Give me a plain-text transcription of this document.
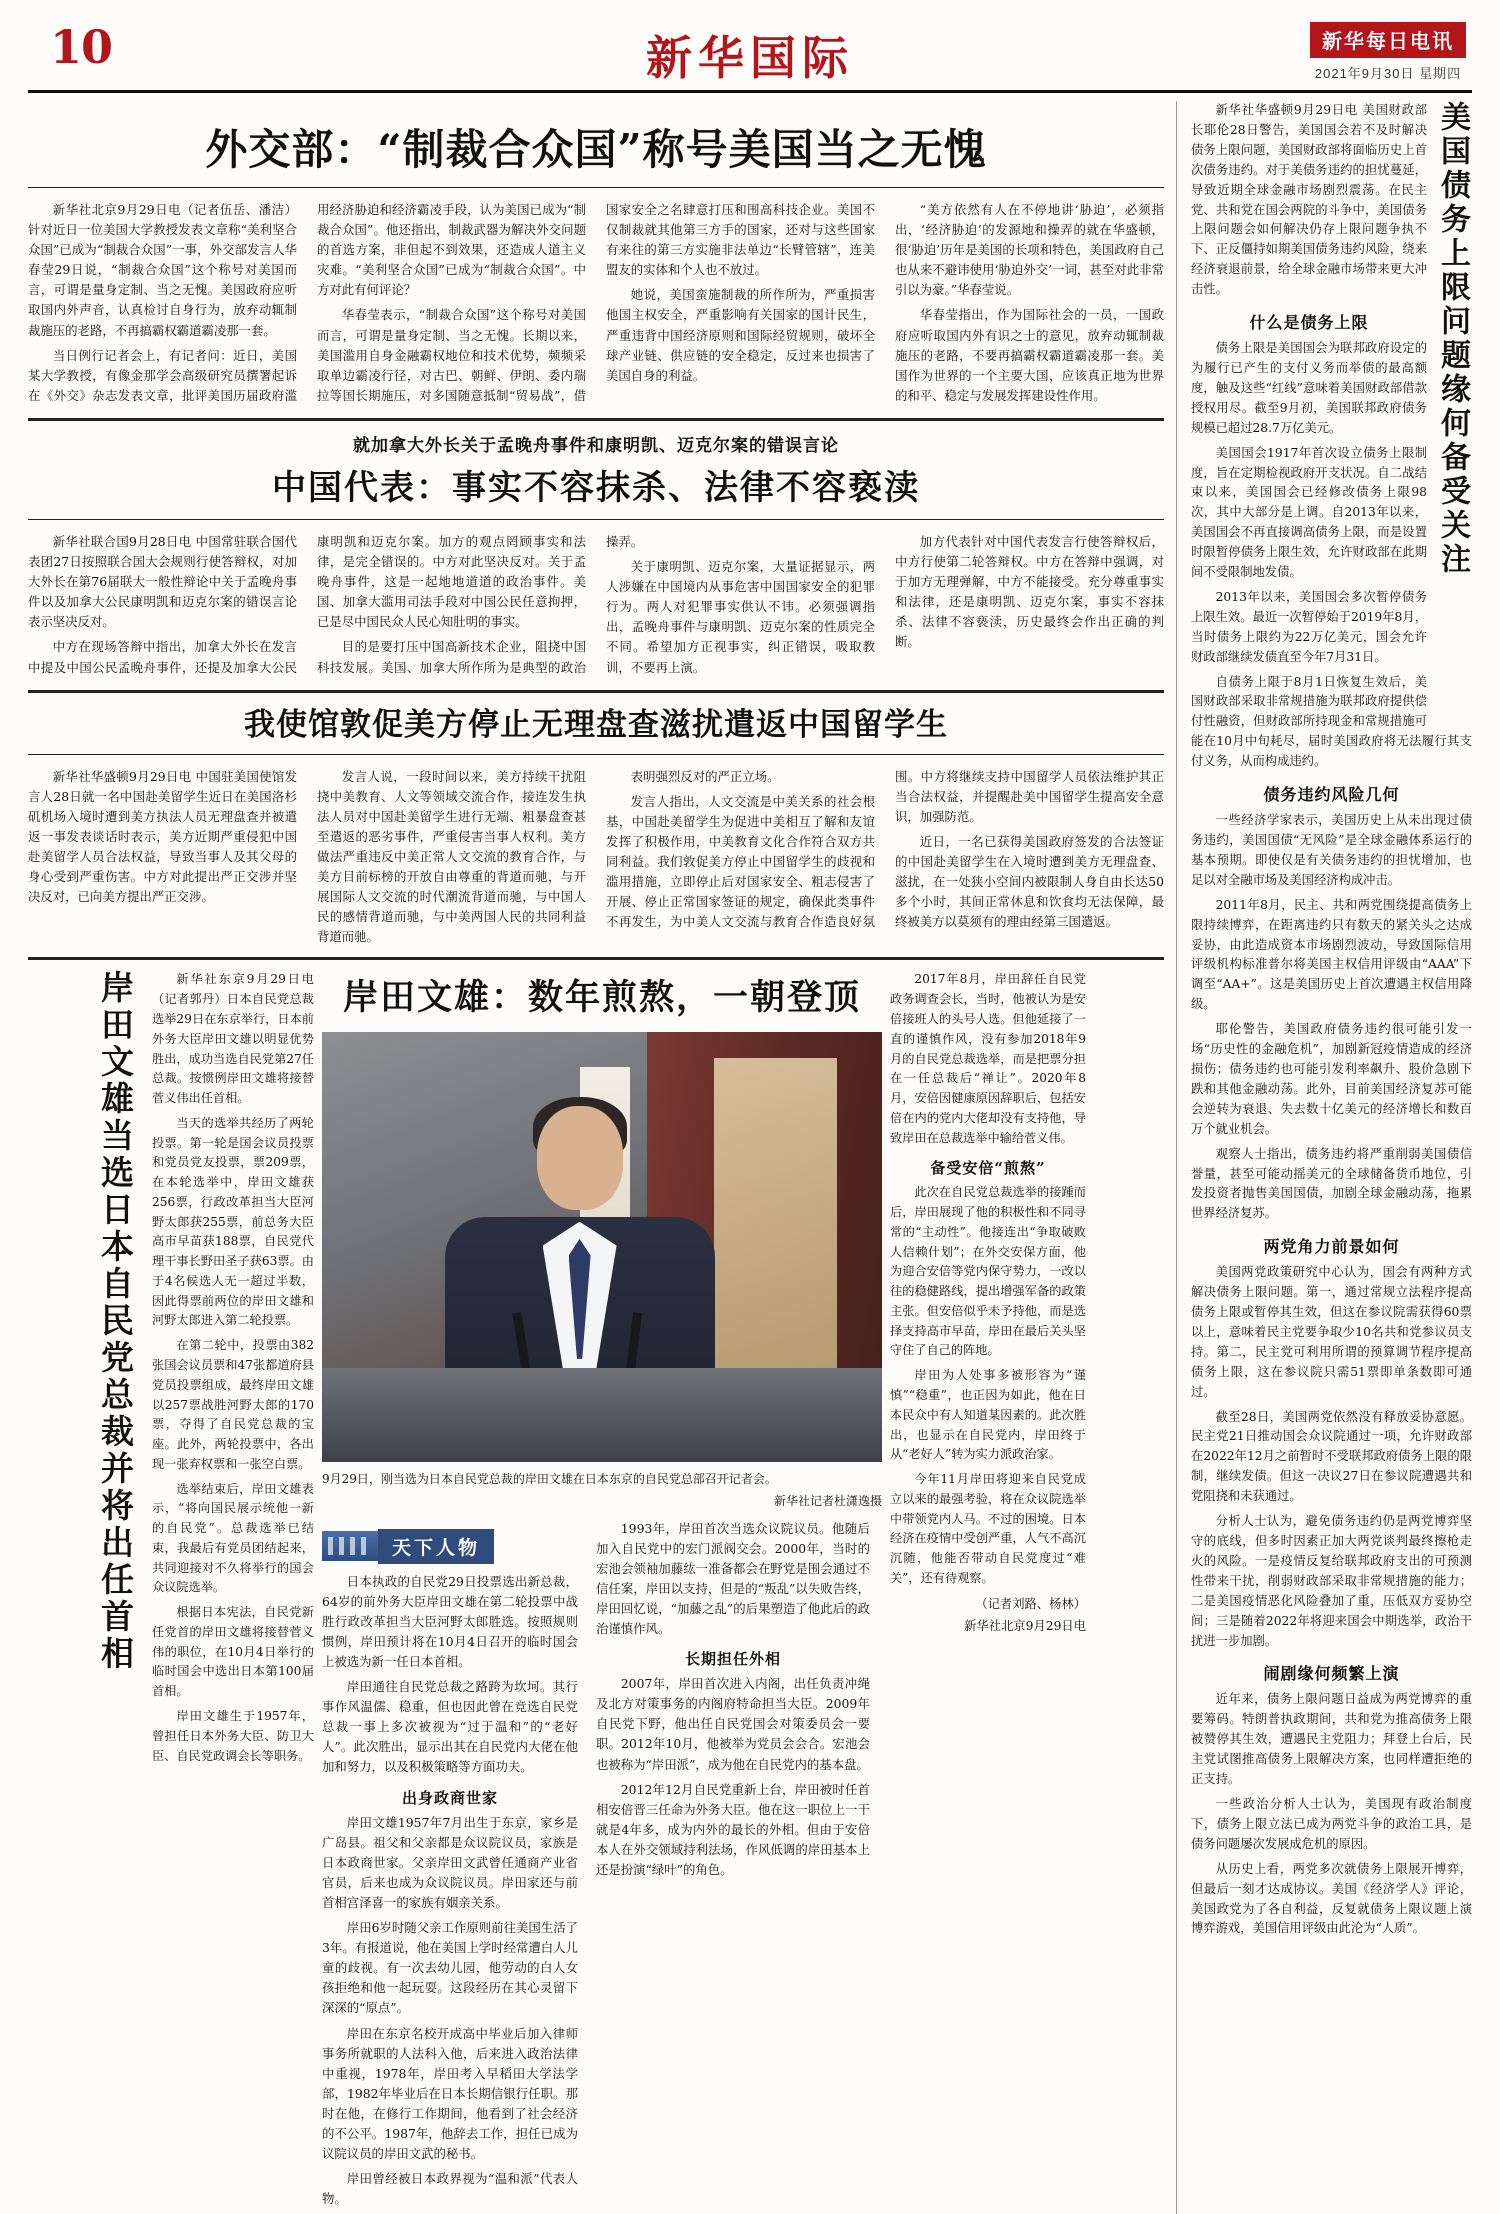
10	新华国际	新华每日电讯
2021年9月30日 星期四
外交部：“制裁合众国”称号美国当之无愧

新华社北京9月29日电（记者伍岳、潘洁）针对近日一位美国大学教授发表文章称“美利坚合众国”已成为“制裁合众国”一事，外交部发言人华春莹29日说，“制裁合众国”这个称号对美国而言，可谓是量身定制、当之无愧。美国政府应听取国内外声音，认真检讨自身行为，放弃动辄制裁施压的老路，不再搞霸权霸道霸凌那一套。

当日例行记者会上，有记者问：近日，美国某大学教授，有像金那学会高级研究员撰署起诉在《外交》杂志发表文章，批评美国历届政府滥用经济胁迫和经济霸凌手段，认为美国已成为“制裁合众国”。他还指出，制裁武器为解决外交问题的首选方案，非但起不到效果，还造成人道主义灾难。“美利坚合众国”已成为“制裁合众国”。中方对此有何评论？

华春莹表示，“制裁合众国”这个称号对美国而言，可谓是量身定制、当之无愧。长期以来，美国滥用自身金融霸权地位和技术优势，频频采取单边霸凌行径，对古巴、朝鲜、伊朗、委内瑞拉等国长期施压，对多国随意抵制“贸易战”，借国家安全之名肆意打压和围高科技企业。美国不仅制裁就其他第三方手的国家，还对与这些国家有来往的第三方实施非法单边“长臂管辖”，连美盟友的实体和个人也不放过。

她说，美国蛮施制裁的所作所为，严重损害他国主权安全，严重影响有关国家的国计民生，严重违背中国经济原则和国际经贸规则，破坏全球产业链、供应链的安全稳定，反过来也损害了美国自身的利益。

“美方依然有人在不停地讲‘胁迫’，必须指出，‘经济胁迫’的发源地和操弄的就在华盛顿，很‘胁迫’历年是美国的长项和特色，美国政府自己也从来不避讳使用‘胁迫外交’一词，甚至对此非常引以为豪。”华春莹说。

华春莹指出，作为国际社会的一员，一国政府应听取国内外有识之士的意见，放弃动辄制裁施压的老路，不要再搞霸权霸道霸凌那一套。美国作为世界的一个主要大国，应该真正地为世界的和平、稳定与发展发挥建设性作用。

就加拿大外长关于孟晚舟事件和康明凯、迈克尔案的错误言论
中国代表：事实不容抹杀、法律不容亵渎

新华社联合国9月28日电 中国常驻联合国代表团27日按照联合国大会规则行使答辩权，对加大外长在第76届联大一般性辩论中关于孟晚舟事件以及加拿大公民康明凯和迈克尔案的错误言论表示坚决反对。

中方在现场答辩中指出，加拿大外长在发言中提及中国公民孟晚舟事件，还提及加拿大公民康明凯和迈克尔案。加方的观点罔顾事实和法律，是完全错误的。中方对此坚决反对。关于孟晚舟事件，这是一起地地道道的政治事件。美国、加拿大滥用司法手段对中国公民任意拘押，已是尽中国民众人民心知肚明的事实。

目的是要打压中国高新技术企业，阻挠中国科技发展。美国、加拿大所作所为是典型的政治操弄。

关于康明凯、迈克尔案，大量证据显示，两人涉嫌在中国境内从事危害中国国家安全的犯罪行为。两人对犯罪事实供认不讳。必须强调指出，孟晚舟事件与康明凯、迈克尔案的性质完全不同。希望加方正视事实，纠正错误，吸取教训，不要再上演。

加方代表针对中国代表发言行使答辩权后，中方行使第二轮答辩权。中方在答辩中强调，对于加方无理弹解，中方不能接受。充分尊重事实和法律，还是康明凯、迈克尔案，事实不容抹杀、法律不容亵渎，历史最终会作出正确的判断。

我使馆敦促美方停止无理盘查滋扰遣返中国留学生

新华社华盛顿9月29日电 中国驻美国使馆发言人28日就一名中国赴美留学生近日在美国洛杉矶机场入境时遭到美方执法人员无理盘查并被遣返一事发表谈话时表示，美方近期严重侵犯中国赴美留学人员合法权益，导致当事人及其父母的身心受到严重伤害。中方对此提出严正交涉并坚决反对，已向美方提出严正交涉。

发言人说，一段时间以来，美方持续干扰阻挠中美教育、人文等领域交流合作，接连发生执法人员对中国赴美留学生进行无端、粗暴盘查甚至遣返的恶劣事件，严重侵害当事人权利。美方做法严重违反中美正常人文交流的教育合作，与美方目前标榜的开放自由尊重的背道而驰，与开展国际人文交流的时代潮流背道而驰，与中国人民的感情背道而驰，与中美两国人民的共同利益背道而驰。

表明强烈反对的严正立场。

发言人指出，人文交流是中美关系的社会根基，中国赴美留学生为促进中美相互了解和友谊发挥了积极作用，中美教育文化合作符合双方共同利益。我们敦促美方停止中国留学生的歧视和滥用措施，立即停止后对国家安全、粗志侵害了开展、停止正常国家签证的规定，确保此类事件不再发生，为中美人文交流与教育合作造良好氛围。中方将继续支持中国留学人员依法维护其正当合法权益，并提醒赴美中国留学生提高安全意识，加强防范。

近日，一名已获得美国政府签发的合法签证的中国赴美留学生在入境时遭到美方无理盘查、滋扰，在一处狭小空间内被限制人身自由长达50多个小时，其间正常休息和饮食均无法保障，最终被美方以莫须有的理由经第三国遣返。

岸田文雄当选日本自民党总裁并将出任首相	新华社东京9月29日电（记者郭丹）日本自民党总裁选举29日在东京举行，日本前外务大臣岸田文雄以明显优势胜出，成功当选自民党第27任总裁。按惯例岸田文雄将接替菅义伟出任首相。

当天的选举共经历了两轮投票。第一轮是国会议员投票和党员党友投票，票209票，在本轮选举中，岸田文雄获256票，行政改革担当大臣河野太郎获255票，前总务大臣高市早苗获188票，自民党代理干事长野田圣子获63票。由于4名候选人无一超过半数，因此得票前两位的岸田文雄和河野太郎进入第二轮投票。

在第二轮中，投票由382张国会议员票和47张都道府县党员投票组成，最终岸田文雄以257票战胜河野太郎的170票，夺得了自民党总裁的宝座。此外，两轮投票中，各出现一张弃权票和一张空白票。

选举结束后，岸田文雄表示，“将向国民展示统他一新的自民党”。总裁选举已结束，我最后有党员团结起来，共同迎接对不久将举行的国会众议院选举。

根据日本宪法，自民党新任党首的岸田文雄将接替菅义伟的职位，在10月4日举行的临时国会中选出日本第100届首相。

岸田文雄生于1957年，曾担任日本外务大臣、防卫大臣、自民党政调会长等职务。

岸田文雄：数年煎熬，一朝登顶
9月29日，刚当选为日本自民党总裁的岸田文雄在日本东京的自民党总部召开记者会。
新华社记者杜潇逸摄
天下人物

日本执政的自民党29日投票选出新总裁，64岁的前外务大臣岸田文雄在第二轮投票中战胜行政改革担当大臣河野太郎胜选。按照规则惯例，岸田预计将在10月4日召开的临时国会上被选为新一任日本首相。

岸田通往自民党总裁之路跨为坎坷。其行事作风温儒、稳重，但也因此曾在竞选自民党总裁一事上多次被视为“过于温和”的“老好人”。此次胜出，显示出其在自民党内大佬在他加和努力，以及积极策略等方面功夫。

出身政商世家

岸田文雄1957年7月出生于东京，家乡是广岛县。祖父和父亲都是众议院议员，家族是日本政商世家。父亲岸田文武曾任通商产业省官员，后来也成为众议院议员。岸田家还与前首相宫泽喜一的家族有姻亲关系。

岸田6岁时随父亲工作原则前往美国生活了3年。有报道说，他在美国上学时经常遭白人儿童的歧视。有一次去幼儿园，他劳动的白人女孩拒绝和他一起玩耍。这段经历在其心灵留下深深的“原点”。

岸田在东京名校开成高中毕业后加入律师事务所就职的人法科入他，后来进入政治法律中重视，1978年，岸田考入早稻田大学法学部，1982年毕业后在日本长期信银行任职。那时在他，在修行工作期间，他看到了社会经济的不公平。1987年，他辞去工作，担任已成为议院议员的岸田文武的秘书。

岸田曾经被日本政界视为“温和派”代表人物。

1993年，岸田首次当选众议院议员。他随后加入自民党中的宏门派阀交会。2000年，当时的宏池会领袖加藤纮一准备都会在野党是围会通过不信任案，岸田以支持，但是的“叛乱”以失败告终，岸田回忆说，“加藤之乱”的后果塑造了他此后的政治谨慎作风。

长期担任外相

2007年，岸田首次进入内阁，出任负责冲绳及北方对策事务的内阁府特命担当大臣。2009年自民党下野，他出任自民党国会对策委员会一要职。2012年10月，他被举为党员会会合。宏池会也被称为“岸田派”，成为他在自民党内的基本盘。

2012年12月自民党重新上台，岸田被时任首相安倍晋三任命为外务大臣。他在这一职位上一干就是4年多，成为内外的最长的外相。但由于安倍本人在外交领域持利法场，作风低调的岸田基本上还是扮演“绿叶”的角色。

2017年8月，岸田辞任自民党政务调查会长，当时，他被认为是安倍接班人的头号人选。但他延接了一直的谨慎作风，没有参加2018年9月的自民党总裁选举，而是把票分担在一任总裁后“禅让”。2020年8月，安倍因健康原因辞职后，包括安倍在内的党内大佬却没有支持他，导致岸田在总裁选举中输给菅义伟。

备受安倍“煎熬”

此次在自民党总裁选举的接踵而后，岸田展现了他的积极性和不同寻常的“主动性”。他接连出“争取破败人信赖什划”；在外交安保方面，他为迎合安倍等党内保守势力，一改以往的稳健路线，提出增强军备的政策主张。但安倍似乎未予持他，而是选择支持高市早苗，岸田在最后关头坚守住了自己的阵地。

岸田为人处事多被形容为“谨慎”“稳重”，也正因为如此，他在日本民众中有人知道某因素的。此次胜出，也显示在自民党内，岸田终于从“老好人”转为实力派政治家。

今年11月岸田将迎来自民党成立以来的最强考验，将在众议院选举中带领党内人马。不过的困境。日本经济在疫情中受创严重，人气不高沉沉随，他能否带动自民党度过“难关”，还有待观察。

（记者刘路、杨林）
新华社北京9月29日电
美国债务上限问题缘何备受关注

新华社华盛顿9月29日电 美国财政部长耶伦28日警告，美国国会若不及时解决债务上限问题，美国财政部将面临历史上首次债务违约。对于美债务违约的担忧蔓延，导致近期全球金融市场剧烈震荡。在民主党、共和党在国会两院的斗争中，美国债务上限问题会如何解决仍存上限问题争执不下、正反僵持如期美国债务违约风险，绕来经济衰退前景，给全球金融市场带来更大冲击性。

什么是债务上限

债务上限是美国国会为联邦政府设定的为履行已产生的支付义务而举债的最高额度，触及这些“红线”意味着美国财政部借款授权用尽。截至9月初，美国联邦政府债务规模已超过28.7万亿美元。

美国国会1917年首次设立债务上限制度，旨在定期检视政府开支状况。自二战结束以来，美国国会已经修改债务上限98次，其中大部分是上调。自2013年以来，美国国会不再直接调高债务上限，而是设置时限暂停债务上限生效，允许财政部在此期间不受限制地发债。

2013年以来，美国国会多次暂停债务上限生效。最近一次暂停始于2019年8月，当时债务上限约为22万亿美元，国会允许财政部继续发债直至今年7月31日。

自债务上限于8月1日恢复生效后，美国财政部采取非常规措施为联邦政府提供偿付性融资，但财政部所持现金和常规措施可能在10月中旬耗尽，届时美国政府将无法履行其支付义务，从而构成违约。

债务违约风险几何

一些经济学家表示，美国历史上从未出现过债务违约，美国国债“无风险”是全球金融体系运行的基本预期。即使仅是有关债务违约的担忧增加，也足以对全融市场及美国经济构成冲击。

2011年8月，民主、共和两党围绕提高债务上限持续博弈，在距离违约只有数天的紧关头之达成妥协，由此造成资本市场剧烈波动，导致国际信用评级机构标准普尔将美国主权信用评级由“AAA”下调至“AA+”。这是美国历史上首次遭遇主权信用降级。

耶伦警告，美国政府债务违约很可能引发一场“历史性的金融危机”，加剧新冠疫情造成的经济损伤；债务违约也可能引发利率飙升、股价急剧下跌和其他金融动荡。此外，目前美国经济复苏可能会逆转为衰退、失去数十亿美元的经济增长和数百万个就业机会。

观察人士指出，债务违约将严重削弱美国债信誉量，甚至可能动摇美元的全球储备货币地位，引发投资者抛售美国国债，加剧全球金融动荡，拖累世界经济复苏。

两党角力前景如何

美国两党政策研究中心认为，国会有两种方式解决债务上限问题。第一，通过常规立法程序提高债务上限或暂停其生效，但这在参议院需获得60票以上，意味着民主党要争取少10名共和党参议员支持。第二，民主党可利用所谓的预算调节程序提高债务上限，这在参议院只需51票即单条数即可通过。

截至28日，美国两党依然没有释放妥协意愿。民主党21日推动国会众议院通过一项，允许财政部在2022年12月之前暂时不受联邦政府债务上限的限制，继续发债。但这一决议27日在参议院遭遇共和党阻挠和未获通过。

分析人士认为，避免债务违约仍是两党博弈坚守的底线，但多时因素正加大两党谈判最终擦枪走火的风险。一是疫情反复给联邦政府支出的可预测性带来干扰，削弱财政部采取非常规措施的能力；二是美国疫情恶化风险叠加了重，压低双方妥协空间；三是随着2022年将迎来国会中期选举，政治干扰进一步加剧。

闹剧缘何频繁上演

近年来，债务上限问题日益成为两党博弈的重要筹码。特朗普执政期间，共和党为推高债务上限被赞停其生效，遭遇民主党阻力；拜登上台后，民主党试图推高债务上限解决方案，也同样遭拒绝的正支持。

一些政治分析人士认为，美国现有政治制度下，债务上限立法已成为两党斗争的政治工具，是债务问题屡次发展成危机的原因。

从历史上看，两党多次就债务上限展开博弈，但最后一刻才达成协议。美国《经济学人》评论，美国政党为了各自利益，反复就债务上限议题上演博弈游戏，美国信用评级由此沦为“人质”。
